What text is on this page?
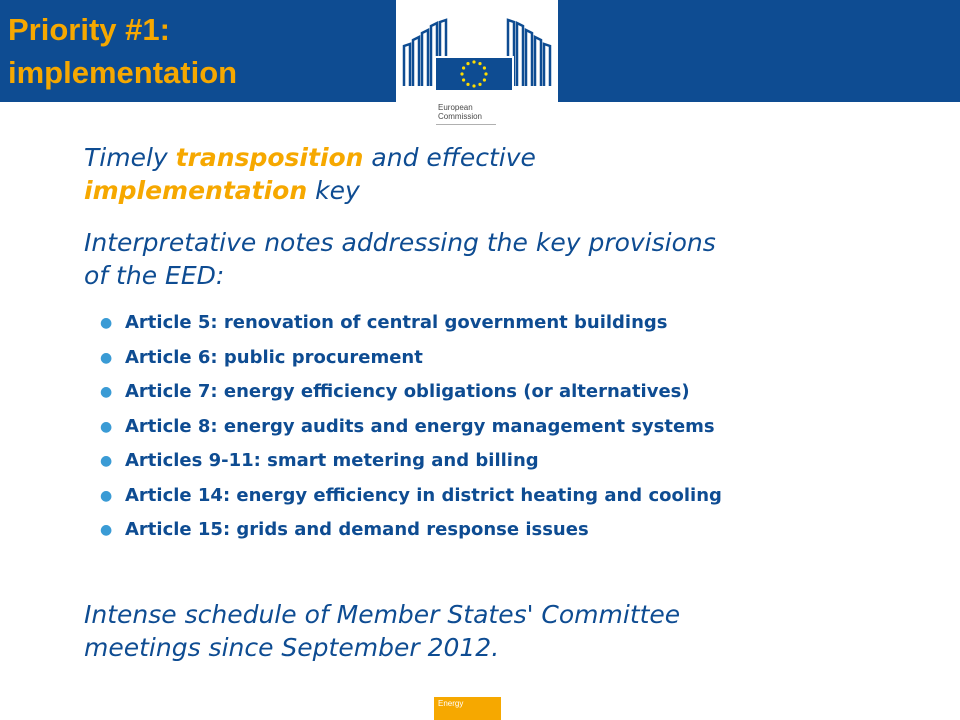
Priority #1:
implementation
European
Commission

Timely transposition and effective
implementation key

Interpretative notes addressing the key provisions
of the EED:

● Article 5: renovation of central government buildings
● Article 6: public procurement
● Article 7: energy efficiency obligations (or alternatives)
● Article 8: energy audits and energy management systems
● Articles 9-11: smart metering and billing
● Article 14: energy efficiency in district heating and cooling
● Article 15: grids and demand response issues

Intense schedule of Member States' Committee
meetings since September 2012.

Energy
